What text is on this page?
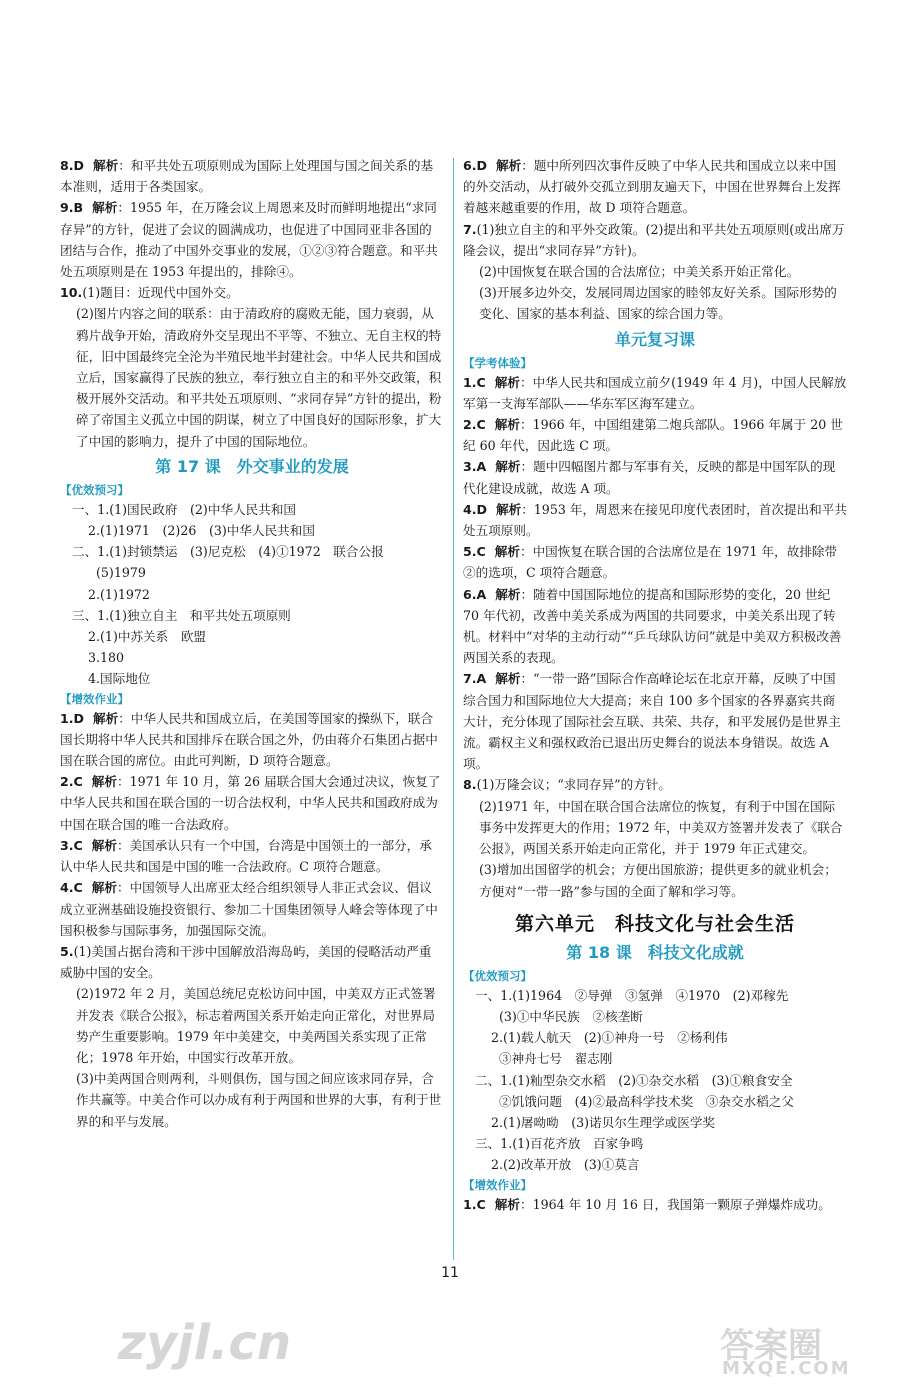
8.D 解析：和平共处五项原则成为国际上处理国与国之间关系的基本准则，适用于各类国家。

9.B 解析：1955 年，在万隆会议上周恩来及时而鲜明地提出“求同存异”的方针，促进了会议的圆满成功，也促进了中国同亚非各国的团结与合作，推动了中国外交事业的发展，①②③符合题意。和平共处五项原则是在 1953 年提出的，排除④。

10.(1)题目：近现代中国外交。

(2)图片内容之间的联系：由于清政府的腐败无能，国力衰弱，从鸦片战争开始，清政府外交呈现出不平等、不独立、无自主权的特征，旧中国最终完全沦为半殖民地半封建社会。中华人民共和国成立后，国家赢得了民族的独立，奉行独立自主的和平外交政策，积极开展外交活动。和平共处五项原则、“求同存异”方针的提出，粉碎了帝国主义孤立中国的阴谋，树立了中国良好的国际形象，扩大了中国的影响力，提升了中国的国际地位。
第 17 课　外交事业的发展
【优效预习】
一、1.(1)国民政府　(2)中华人民共和国
2.(1)1971　(2)26　(3)中华人民共和国
二、1.(1)封锁禁运　(3)尼克松　(4)①1972　联合公报
(5)1979
2.(1)1972
三、1.(1)独立自主　和平共处五项原则
2.(1)中苏关系　欧盟
3.180
4.国际地位
【增效作业】

1.D 解析：中华人民共和国成立后，在美国等国家的操纵下，联合国长期将中华人民共和国排斥在联合国之外，仍由蒋介石集团占据中国在联合国的席位。由此可判断，D 项符合题意。

2.C 解析：1971 年 10 月，第 26 届联合国大会通过决议，恢复了中华人民共和国在联合国的一切合法权利，中华人民共和国政府成为中国在联合国的唯一合法政府。

3.C 解析：美国承认只有一个中国，台湾是中国领土的一部分，承认中华人民共和国是中国的唯一合法政府。C 项符合题意。

4.C 解析：中国领导人出席亚太经合组织领导人非正式会议、倡议成立亚洲基础设施投资银行、参加二十国集团领导人峰会等体现了中国积极参与国际事务，加强国际交流。

5.(1)美国占据台湾和干涉中国解放沿海岛屿，美国的侵略活动严重威胁中国的安全。

(2)1972 年 2 月，美国总统尼克松访问中国，中美双方正式签署并发表《联合公报》，标志着两国关系开始走向正常化，对世界局势产生重要影响。1979 年中美建交，中美两国关系实现了正常化；1978 年开始，中国实行改革开放。
(3)中美两国合则两利，斗则俱伤，国与国之间应该求同存异，合作共赢等。中美合作可以办成有利于两国和世界的大事，有利于世界的和平与发展。

6.D 解析：题中所列四次事件反映了中华人民共和国成立以来中国的外交活动，从打破外交孤立到朋友遍天下，中国在世界舞台上发挥着越来越重要的作用，故 D 项符合题意。

7.(1)独立自主的和平外交政策。(2)提出和平共处五项原则(或出席万隆会议，提出“求同存异”方针)。

(2)中国恢复在联合国的合法席位；中美关系开始正常化。
(3)开展多边外交，发展同周边国家的睦邻友好关系。国际形势的变化、国家的基本利益、国家的综合国力等。
单元复习课
【学考体验】

1.C 解析：中华人民共和国成立前夕(1949 年 4 月)，中国人民解放军第一支海军部队——华东军区海军建立。

2.C 解析：1966 年，中国组建第二炮兵部队。1966 年属于 20 世纪 60 年代，因此选 C 项。

3.A 解析：题中四幅图片都与军事有关，反映的都是中国军队的现代化建设成就，故选 A 项。

4.D 解析：1953 年，周恩来在接见印度代表团时，首次提出和平共处五项原则。

5.C 解析：中国恢复在联合国的合法席位是在 1971 年，故排除带②的选项，C 项符合题意。

6.A 解析：随着中国国际地位的提高和国际形势的变化，20 世纪 70 年代初，改善中美关系成为两国的共同要求，中美关系出现了转机。材料中“对华的主动行动”“乒乓球队访问”就是中美双方积极改善两国关系的表现。

7.A 解析：“一带一路”国际合作高峰论坛在北京开幕，反映了中国综合国力和国际地位大大提高；来自 100 多个国家的各界嘉宾共商大计，充分体现了国际社会互联、共荣、共存，和平发展仍是世界主流。霸权主义和强权政治已退出历史舞台的说法本身错误。故选 A 项。

8.(1)万隆会议；“求同存异”的方针。

(2)1971 年，中国在联合国合法席位的恢复，有利于中国在国际事务中发挥更大的作用；1972 年，中美双方签署并发表了《联合公报》，两国关系开始走向正常化，并于 1979 年正式建交。
(3)增加出国留学的机会；方便出国旅游；提供更多的就业机会；方便对“一带一路”参与国的全面了解和学习等。
第六单元　科技文化与社会生活
第 18 课　科技文化成就
【优效预习】
一、1.(1)1964　②导弹　③氢弹　④1970　(2)邓稼先
(3)①中华民族　②核垄断
2.(1)载人航天　(2)①神舟一号　②杨利伟
③神舟七号　翟志刚
二、1.(1)籼型杂交水稻　(2)①杂交水稻　(3)①粮食安全
②饥饿问题　(4)②最高科学技术奖　③杂交水稻之父
2.(1)屠呦呦　(3)诺贝尔生理学或医学奖
三、1.(1)百花齐放　百家争鸣
2.(2)改革开放　(3)①莫言
【增效作业】

1.C 解析：1964 年 10 月 16 日，我国第一颗原子弹爆炸成功。

11
zyjl.cn	答案圈
MXQE.COM
